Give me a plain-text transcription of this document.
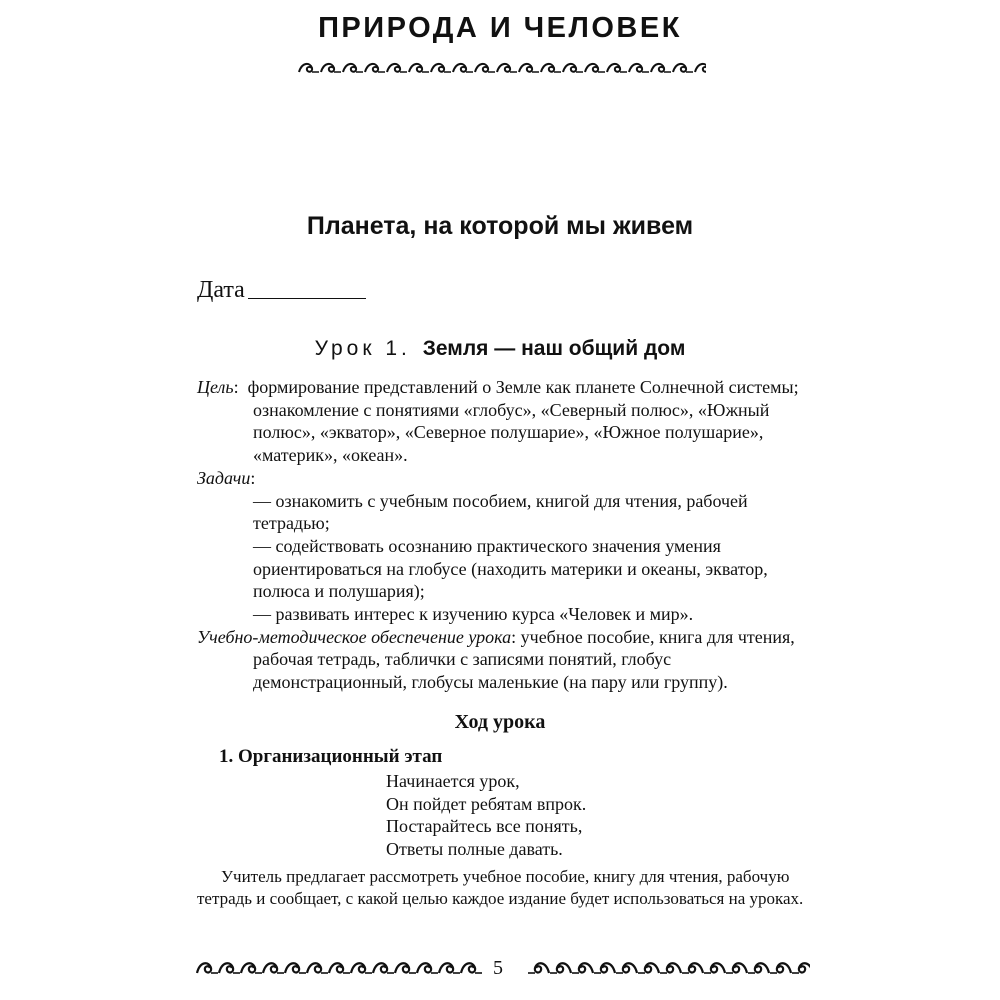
ПРИРОДА И ЧЕЛОВЕК
Планета, на которой мы живем
Дата
Урок 1. Земля — наш общий дом

Цель: формирование представлений о Земле как планете Солнечной системы; ознакомление с понятиями «глобус», «Северный полюс», «Южный полюс», «экватор», «Северное полушарие», «Южное полушарие», «материк», «океан».

Задачи:

— ознакомить с учебным пособием, книгой для чтения, рабочей тетрадью;

— содействовать осознанию практического значения умения ориентироваться на глобусе (находить материки и океаны, экватор, полюса и полушария);

— развивать интерес к изучению курса «Человек и мир».

Учебно-методическое обеспечение урока: учебное пособие, книга для чтения, рабочая тетрадь, таблички с записями понятий, глобус демонстрационный, глобусы маленькие (на пару или группу).

Ход урока
1. Организационный этап
Начинается урок,
Он пойдет ребятам впрок.
Постарайтесь все понять,
Ответы полные давать.
Учитель предлагает рассмотреть учебное пособие, книгу для чтения, рабочую тетрадь и сообщает, с какой целью каждое издание будет использоваться на уроках.
5
